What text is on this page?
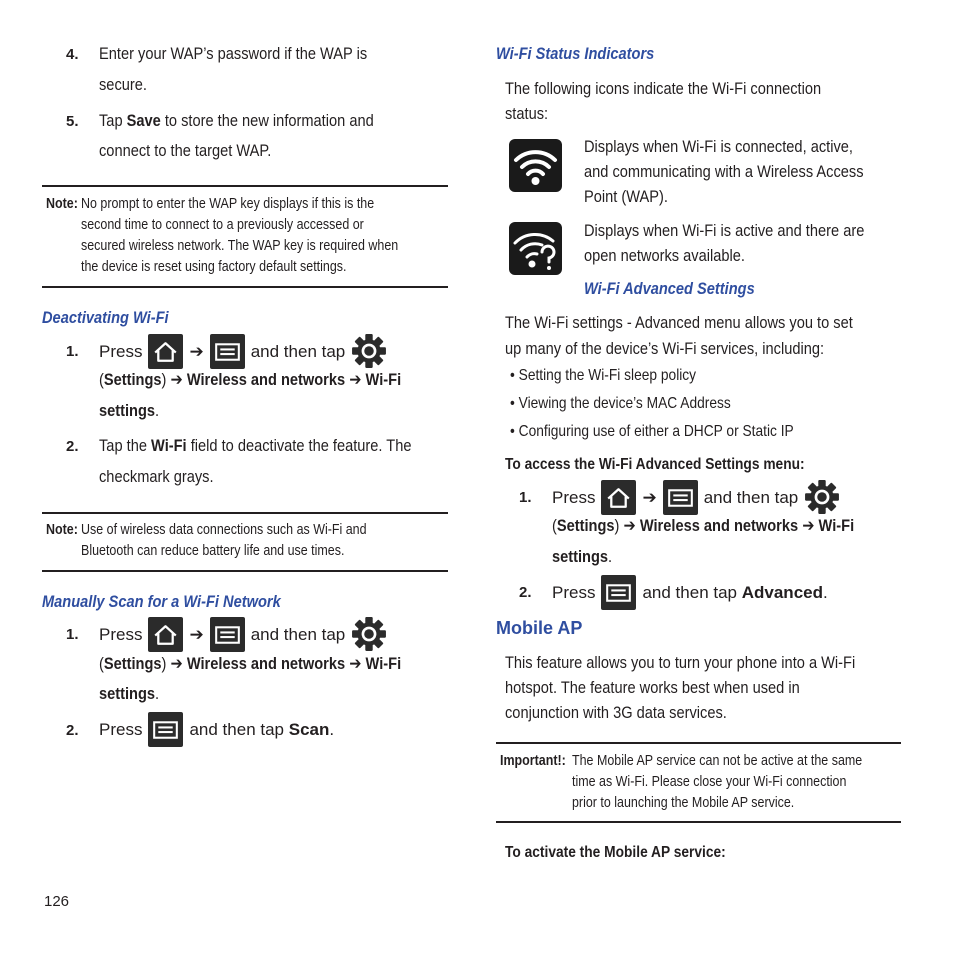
4. Enter your WAP’s password if the WAP is
secure.
5. Tap Save to store the new information and
connect to the target WAP.
Note: No prompt to enter the WAP key displays if this is the
second time to connect to a previously accessed or
secured wireless network. The WAP key is required when
the device is reset using factory default settings.
Deactivating Wi-Fi
1. Press	➔	and then tap
(Settings) ➔ Wireless and networks ➔ Wi-Fi
settings.
2. Tap the Wi-Fi field to deactivate the feature. The
checkmark grays.
Note: Use of wireless data connections such as Wi-Fi and
Bluetooth can reduce battery life and use times.
Manually Scan for a Wi-Fi Network
1. Press	➔	and then tap
(Settings) ➔ Wireless and networks ➔ Wi-Fi
settings.
2. Press	and then tap Scan.
126
Wi-Fi Status Indicators
The following icons indicate the Wi-Fi connection
status:
Displays when Wi-Fi is connected, active,
and communicating with a Wireless Access
Point (WAP).
Displays when Wi-Fi is active and there are
open networks available.
Wi-Fi Advanced Settings
The Wi-Fi settings - Advanced menu allows you to set
up many of the device’s Wi-Fi services, including:
• Setting the Wi-Fi sleep policy
• Viewing the device’s MAC Address
• Configuring use of either a DHCP or Static IP
To access the Wi-Fi Advanced Settings menu:
1. Press	➔	and then tap
(Settings) ➔ Wireless and networks ➔ Wi-Fi
settings.
2. Press	and then tap Advanced.
Mobile AP
This feature allows you to turn your phone into a Wi-Fi
hotspot. The feature works best when used in
conjunction with 3G data services.
Important!: The Mobile AP service can not be active at the same
time as Wi-Fi. Please close your Wi-Fi connection
prior to launching the Mobile AP service.
To activate the Mobile AP service:
